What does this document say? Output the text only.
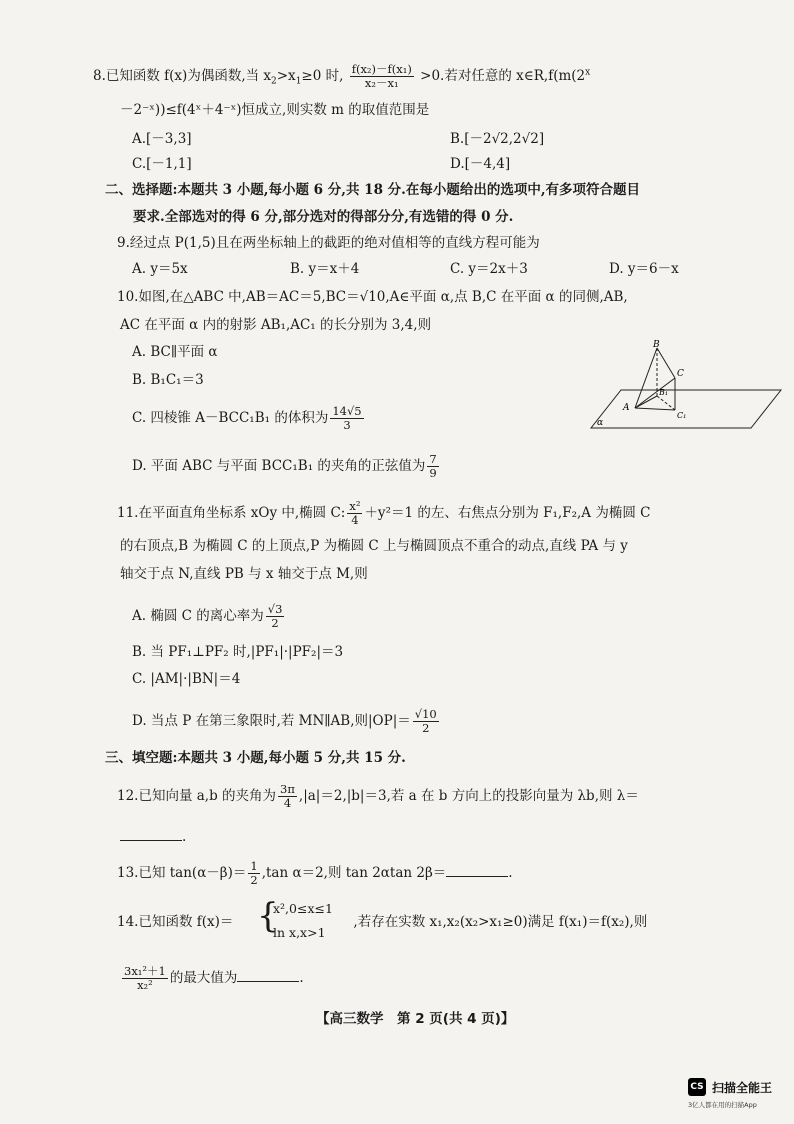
8.已知函数 f(x)为偶函数,当 $x_2>x_1\ge 0$ 时, $\frac{\text{f(x₂)－f(x₁)}}{\text{x₂－x₁}} >0$.若对任意的 $x\in R,f(m(2^x$
－2⁻ˣ))≤f(4ˣ＋4⁻ˣ)恒成立,则实数 m 的取值范围是
A.[－3,3]	B.[－2√2,2√2]
C.[－1,1]	D.[－4,4]
二、选择题:本题共 3 小题,每小题 6 分,共 18 分.在每小题给出的选项中,有多项符合题目
要求.全部选对的得 6 分,部分选对的得部分分,有选错的得 0 分.
9.经过点 P(1,5)且在两坐标轴上的截距的绝对值相等的直线方程可能为
A. y＝5x	B. y＝x＋4	C. y＝2x＋3	D. y＝6－x
10.如图,在△ABC 中,AB＝AC＝5,BC＝√10,A∈平面 α,点 B,C 在平面 α 的同侧,AB,
AC 在平面 α 内的射影 AB₁,AC₁ 的长分别为 3,4,则
A. BC∥平面 α
B. B₁C₁＝3
C. 四棱锥 A－BCC₁B₁ 的体积为 $\frac{14√5}{3}$
D. 平面 ABC 与平面 BCC₁B₁ 的夹角的正弦值为 $\frac{7}{9}$
B
C
A
B₁
C₁
α
11.在平面直角坐标系 xOy 中,椭圆 C: $\frac{\text{x²}}{4} +y^2=1$ 的左、右焦点分别为 F₁,F₂,A 为椭圆 C
的右顶点,B 为椭圆 C 的上顶点,P 为椭圆 C 上与椭圆顶点不重合的动点,直线 PA 与 y
轴交于点 N,直线 PB 与 x 轴交于点 M,则
A. 椭圆 C 的离心率为 $\frac{√3}{2}$
B. 当 PF₁⊥PF₂ 时,|PF₁|·|PF₂|＝3
C. |AM|·|BN|＝4
D. 当点 P 在第三象限时,若 MN∥AB,则$|OP|= \frac{√10}{2}$
三、填空题:本题共 3 小题,每小题 5 分,共 15 分.
12.已知向量 a,b 的夹角为 $\frac{3\pi}{4} ,|a|=2,|b|=3$,若 a 在 b 方向上的投影向量为 λb,则 λ＝
.
13.已知 $\tan(\alpha-\beta)= \frac{1}{2} ,\tan$ α＝2,则 tan 2αtan 2β＝	.
14.已知函数 f(x)＝	,若存在实数 x₁,x₂(x₂>x₁≥0)满足 f(x₁)＝f(x₂),则
{
x²,0≤x≤1
ln x,x>1
$\frac{\text{3x₁²＋1}}{\text{x₂²}}$ 的最大值为	.
【高三数学　第 2 页(共 4 页)】
CS 扫描全能王
3亿人都在用的扫描App
